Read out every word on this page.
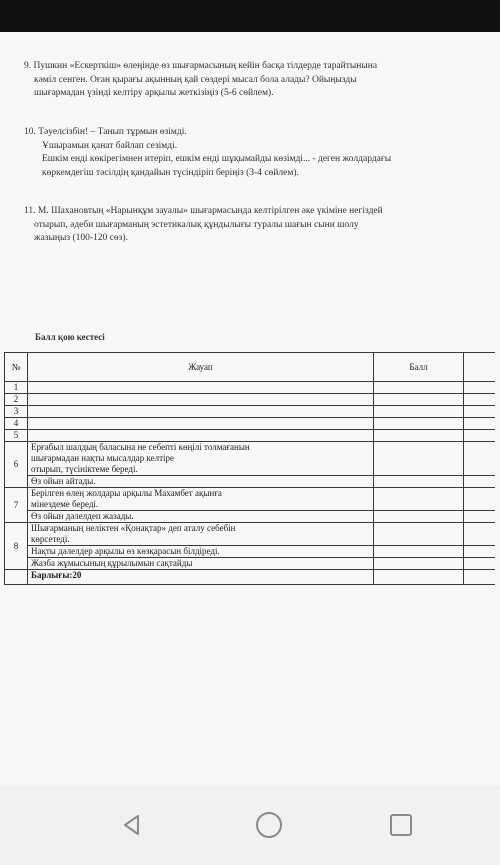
9. Пушкин «Ескерткіш» өлеңінде өз шығармасының кейін басқа тілдерде тарайтынына

кәміл сенген. Оған қырағы ақынның қай сөздері мысал бола алады? Ойыңызды

шығармадан үзінді келтіру арқылы жеткізіңіз (5-6 сөйлем).

10. Тәуелсізбін! – Танып тұрмын өзімді.

Ұшырамын қанат байлап сезімді.

Ешкім енді көкірегімнен итеріп, ешкім енді шұқымайды көзімді... - деген жолдардағы

көркемдегіш тәсілдің қандайын түсіндіріп беріңіз (3-4 сөйлем).

11. М. Шахановтың «Нарынқұм зауалы» шығармасында келтірілген әке үкіміне негіздей

отырып, әдеби шығарманың эстетикалық құндылығы туралы шағын сыни шолу

жазыңыз (100-120 сөз).

Балл қою кестесі
№	Жауап	Балл	
1			
2			
3			
4			
5			
6	Ерғабыл шалдың баласына не себепті көңілі толмағанын
шығармадан нақты мысалдар келтіре
отырып, түсініктеме береді.		

	Өз ойын айтады.		
7	Берілген өлең жолдары арқылы Махамбет ақынға
мінездеме береді.		

	Өз ойын дәлелдеп жазады.		
8	Шығарманың неліктен «Қонақтар» деп аталу себебін
көрсетеді.		

	Нақты дәлелдер арқылы өз көзқарасын білдіреді.		
	Жазба жұмысының құрылымын сақтайды		
	Барлығы:20		
